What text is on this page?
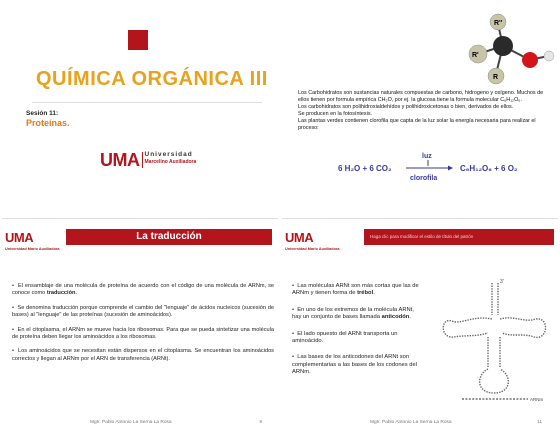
QUÍMICA ORGÁNICA III
Sesión 11:
Proteínas.
UMA Universidad
Marcelino Auxiliadora
R'
R''
R
Los Carbohidratos son sustancias naturales compuestas de carbono, hidrogeno y oxígeno. Muchos de ellos tienen por formula empírica CH₂O, por ej. la glucosa tiene la formula molecular C₆H₁₂O₆.
Los carbohidratos son polihidroxialdehídos y polihidroxicetonas o bien, derivados de ellos.
Se producen en la fotosíntesis.
Las plantas verdes contienen clorofila que capta de la luz solar la energía necesaria para realizar el proceso:
6 H₂O + 6 CO₂
luz
clorofila
C₆H₁₂O₆ + 6 O₂
UMA
Universidad Mario Auxiliadora
La traducción

•  El ensamblaje de una molécula de proteína de acuerdo con el código de una molécula de ARNm, se conoce como traducción.

•  Se denomina traducción porque comprende el cambio del "lenguaje" de ácidos nucleicos (sucesión de bases) al "lenguaje" de las proteínas (sucesión de aminoácidos).

•  En el citoplasma, el ARNm se mueve hacia los ribosomas. Para que se pueda sintetizar una molécula de proteína deben llegar los aminoácidos a los ribosomas.

•  Los aminoácidos que se necesitan están dispersos en el citoplasma. Se encuentran los aminoácidos correctos y llegan al ARNm por el ARN de transferencia (ARNt).

Mgtr. Pablo Antonio La Serna La Rosa	9
UMA
Universidad Mario Auxiliadora
Haga clic para modificar el estilo de título del patrón

•  Las moléculas ARNt son más cortas que las de ARNm y tienen forma de trébol.

•  En uno de los extremos de la molécula ARNt, hay un conjunto de bases llamada anticodón.

•  El lado opuesto del ARNt transporta un aminoácido.

•  Las bases de los anticodones del ARNt son complementarias a las bases de los codones del ARNm.

3'
ARNm
Mgtr. Pablo Antonio La Serna La Rosa	11
